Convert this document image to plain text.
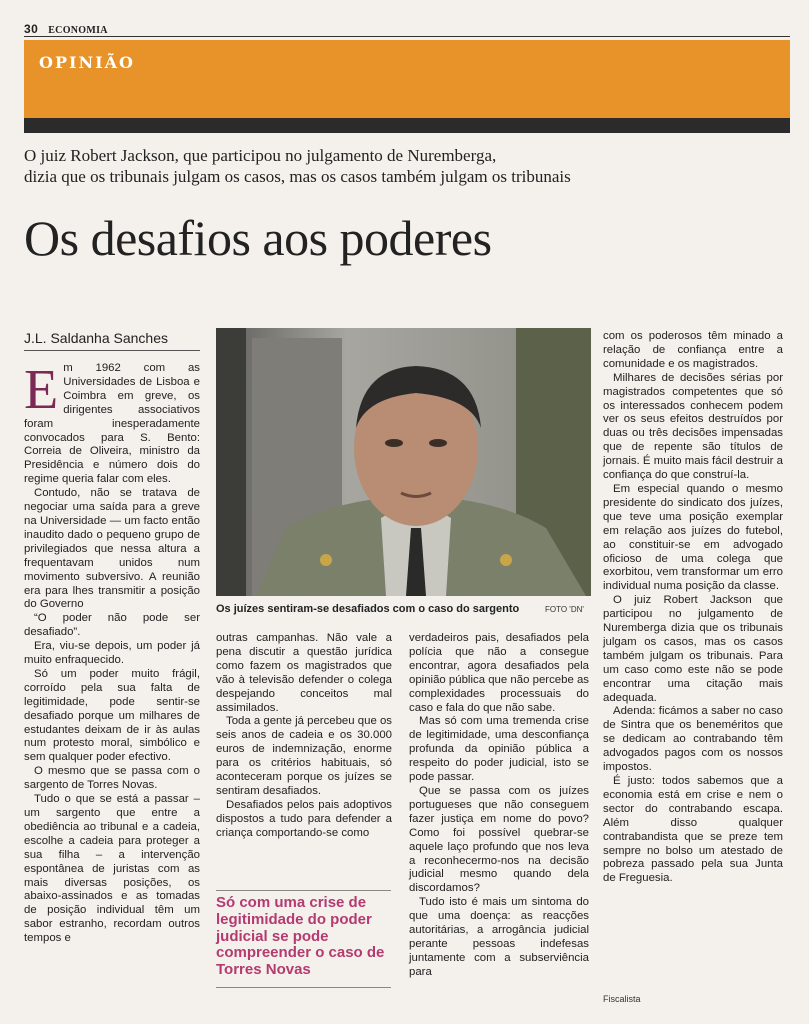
30 ECONOMIA
OPINIÃO
O juiz Robert Jackson, que participou no julgamento de Nuremberga,
dizia que os tribunais julgam os casos, mas os casos também julgam os tribunais
Os desafios aos poderes

J.L. Saldanha Sanches

Em 1962 com as Universidades de Lisboa e Coimbra em greve, os dirigentes associativos foram inesperadamente convocados para S. Bento: Correia de Oliveira, ministro da Presidência e número dois do regime queria falar com eles.

Contudo, não se tratava de negociar uma saída para a greve na Universidade — um facto então inaudito dado o pequeno grupo de privilegiados que nessa altura a frequentavam unidos num movimento subversivo. A reunião era para lhes transmitir a posição do Governo

“O poder não pode ser desafiado”.

Era, viu-se depois, um poder já muito enfraquecido.

Só um poder muito frágil, corroído pela sua falta de legitimidade, pode sentir-se desafiado porque um milhares de estudantes deixam de ir às aulas num protesto moral, simbólico e sem qualquer poder efectivo.

O mesmo que se passa com o sargento de Torres Novas.

Tudo o que se está a passar – um sargento que entre a obediência ao tribunal e a cadeia, escolhe a cadeia para proteger a sua filha – a intervenção espontânea de juristas com as mais diversas posições, os abaixo-assinados e as tomadas de posição individual têm um sabor estranho, recordam outros tempos e

Os juízes sentiram-se desafiados com o caso do sargento	FOTO 'DN'

outras campanhas. Não vale a pena discutir a questão jurídica como fazem os magistrados que vão à televisão defender o colega despejando conceitos mal assimilados.

Toda a gente já percebeu que os seis anos de cadeia e os 30.000 euros de indemnização, enorme para os critérios habituais, só aconteceram porque os juízes se sentiram desafiados.

Desafiados pelos pais adoptivos dispostos a tudo para defender a criança comportando-se como

Só com uma crise de legitimidade do poder judicial se pode compreender o caso de Torres Novas

verdadeiros pais, desafiados pela polícia que não a consegue encontrar, agora desafiados pela opinião pública que não percebe as complexidades processuais do caso e fala do que não sabe.

Mas só com uma tremenda crise de legitimidade, uma desconfiança profunda da opinião pública a respeito do poder judicial, isto se pode passar.

Que se passa com os juízes portugueses que não conseguem fazer justiça em nome do povo? Como foi possível quebrar-se aquele laço profundo que nos leva a reconhecermo-nos na decisão judicial mesmo quando dela discordamos?

Tudo isto é mais um sintoma do que uma doença: as reacções autoritárias, a arrogância judicial perante pessoas indefesas juntamente com a subserviência para

com os poderosos têm minado a relação de confiança entre a comunidade e os magistrados.

Milhares de decisões sérias por magistrados competentes que só os interessados conhecem podem ver os seus efeitos destruídos por duas ou três decisões impensadas que de repente são títulos de jornais. É muito mais fácil destruir a confiança do que construí-la.

Em especial quando o mesmo presidente do sindicato dos juízes, que teve uma posição exemplar em relação aos juízes do futebol, ao constituir-se em advogado oficioso de uma colega que exorbitou, vem transformar um erro individual numa posição da classe.

O juiz Robert Jackson que participou no julgamento de Nuremberga dizia que os tribunais julgam os casos, mas os casos também julgam os tribunais. Para um caso como este não se pode encontrar uma citação mais adequada.

Adenda: ficámos a saber no caso de Sintra que os beneméritos que se dedicam ao contrabando têm advogados pagos com os nossos impostos.

É justo: todos sabemos que a economia está em crise e nem o sector do contrabando escapa. Além disso qualquer contrabandista que se preze tem sempre no bolso um atestado de pobreza passado pela sua Junta de Freguesia.

Fiscalista
